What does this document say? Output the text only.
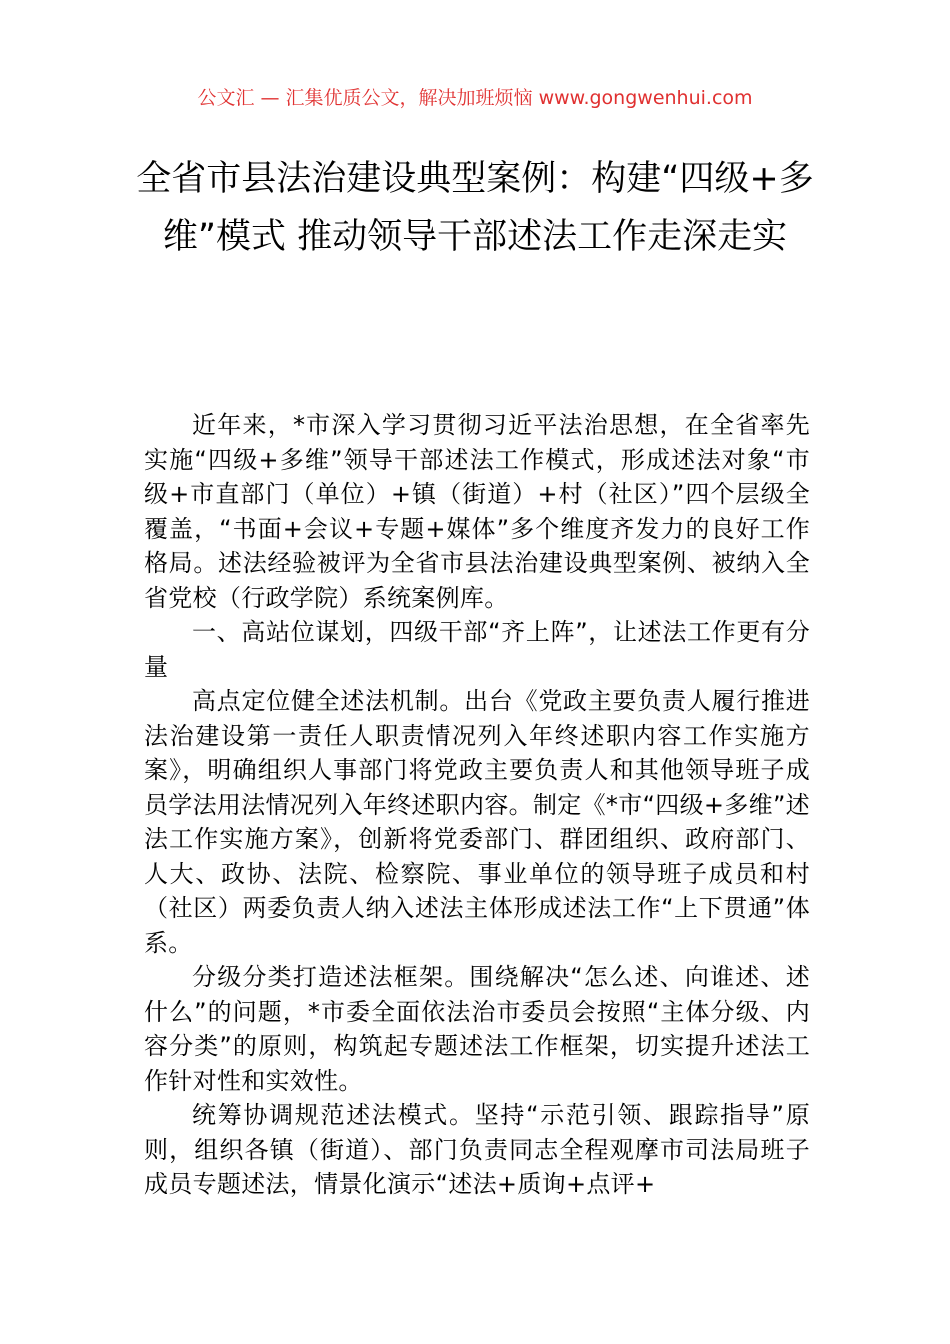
公文汇 — 汇集优质公文，解决加班烦恼 www.gongwenhui.com
全省市县法治建设典型案例：构建“四级+多维”模式 推动领导干部述法工作走深走实

近年来，*市深入学习贯彻习近平法治思想，在全省率先实施“四级+多维”领导干部述法工作模式，形成述法对象“市级+市直部门（单位）+镇（街道）+村（社区）”四个层级全覆盖，“书面+会议+专题+媒体”多个维度齐发力的良好工作格局。述法经验被评为全省市县法治建设典型案例、被纳入全省党校（行政学院）系统案例库。

一、高站位谋划，四级干部“齐上阵”，让述法工作更有分量

高点定位健全述法机制。出台《党政主要负责人履行推进法治建设第一责任人职责情况列入年终述职内容工作实施方案》，明确组织人事部门将党政主要负责人和其他领导班子成员学法用法情况列入年终述职内容。制定《*市“四级+多维”述法工作实施方案》，创新将党委部门、群团组织、政府部门、人大、政协、法院、检察院、事业单位的领导班子成员和村（社区）两委负责人纳入述法主体形成述法工作“上下贯通”体系。

分级分类打造述法框架。围绕解决“怎么述、向谁述、述什么”的问题，*市委全面依法治市委员会按照“主体分级、内容分类”的原则，构筑起专题述法工作框架，切实提升述法工作针对性和实效性。

统筹协调规范述法模式。坚持“示范引领、跟踪指导”原则，组织各镇（街道）、部门负责同志全程观摩市司法局班子成员专题述法，情景化演示“述法+质询+点评+
